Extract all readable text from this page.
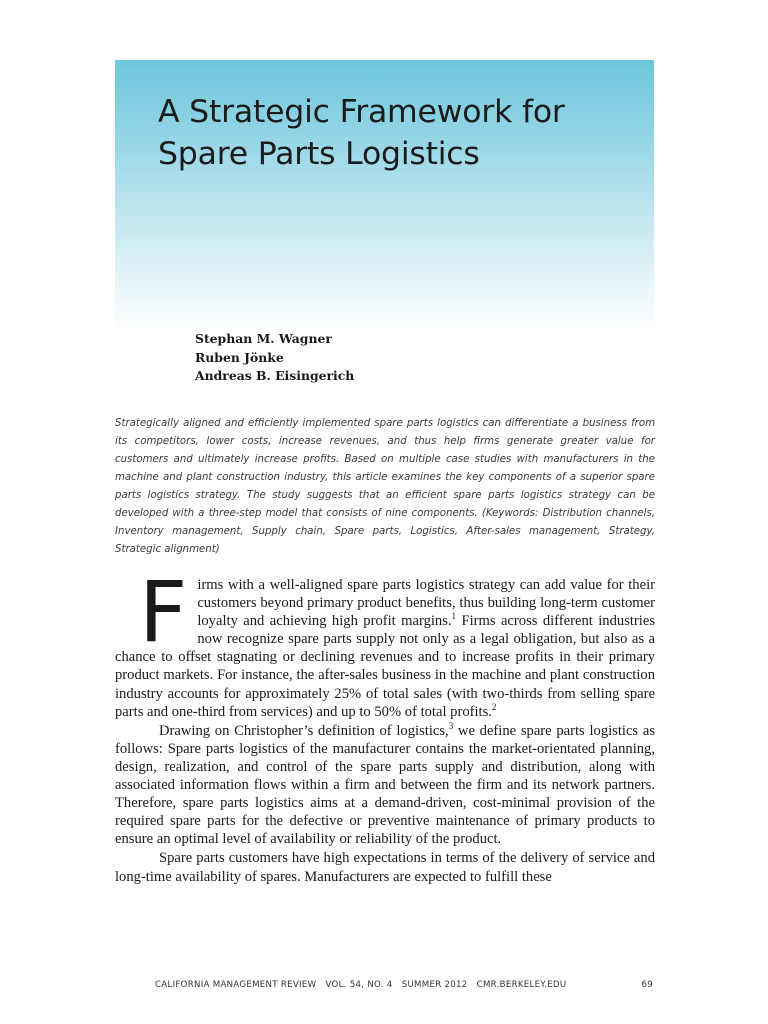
A Strategic Framework for
Spare Parts Logistics
Stephan M. Wagner
Ruben Jönke
Andreas B. Eisingerich

Strategically aligned and efficiently implemented spare parts logistics can differentiate a business from its competitors, lower costs, increase revenues, and thus help firms generate greater value for customers and ultimately increase profits. Based on multiple case studies with manufacturers in the machine and plant construction industry, this article examines the key components of a superior spare parts logistics strategy. The study suggests that an efficient spare parts logistics strategy can be developed with a three-step model that consists of nine components. (Keywords: Distribution channels, Inventory management, Supply chain, Spare parts, Logistics, After-sales management, Strategy, Strategic alignment)

Firms with a well-aligned spare parts logistics strategy can add value for their customers beyond primary product benefits, thus building long-term customer loyalty and achieving high profit margins.$^1$ Firms across different industries now recognize spare parts supply not only as a legal obligation, but also as a chance to offset stagnating or declining revenues and to increase profits in their primary product markets. For instance, the after-sales business in the machine and plant construction industry accounts for approximately 25% of total sales (with two-thirds from selling spare parts and one-third from services) and up to 50% of total profits.$^2$

Drawing on Christopher’s definition of logistics,$^3$ we define spare parts logistics as follows: Spare parts logistics of the manufacturer contains the market-orientated planning, design, realization, and control of the spare parts supply and distribution, along with associated information flows within a firm and between the firm and its network partners. Therefore, spare parts logistics aims at a demand-driven, cost-minimal provision of the required spare parts for the defective or preventive maintenance of primary products to ensure an optimal level of availability or reliability of the product.

Spare parts customers have high expectations in terms of the delivery of service and long-time availability of spares. Manufacturers are expected to fulfill these

CALIFORNIA MANAGEMENT REVIEW   VOL. 54, NO. 4   SUMMER 2012   CMR.BERKELEY.EDU	69
